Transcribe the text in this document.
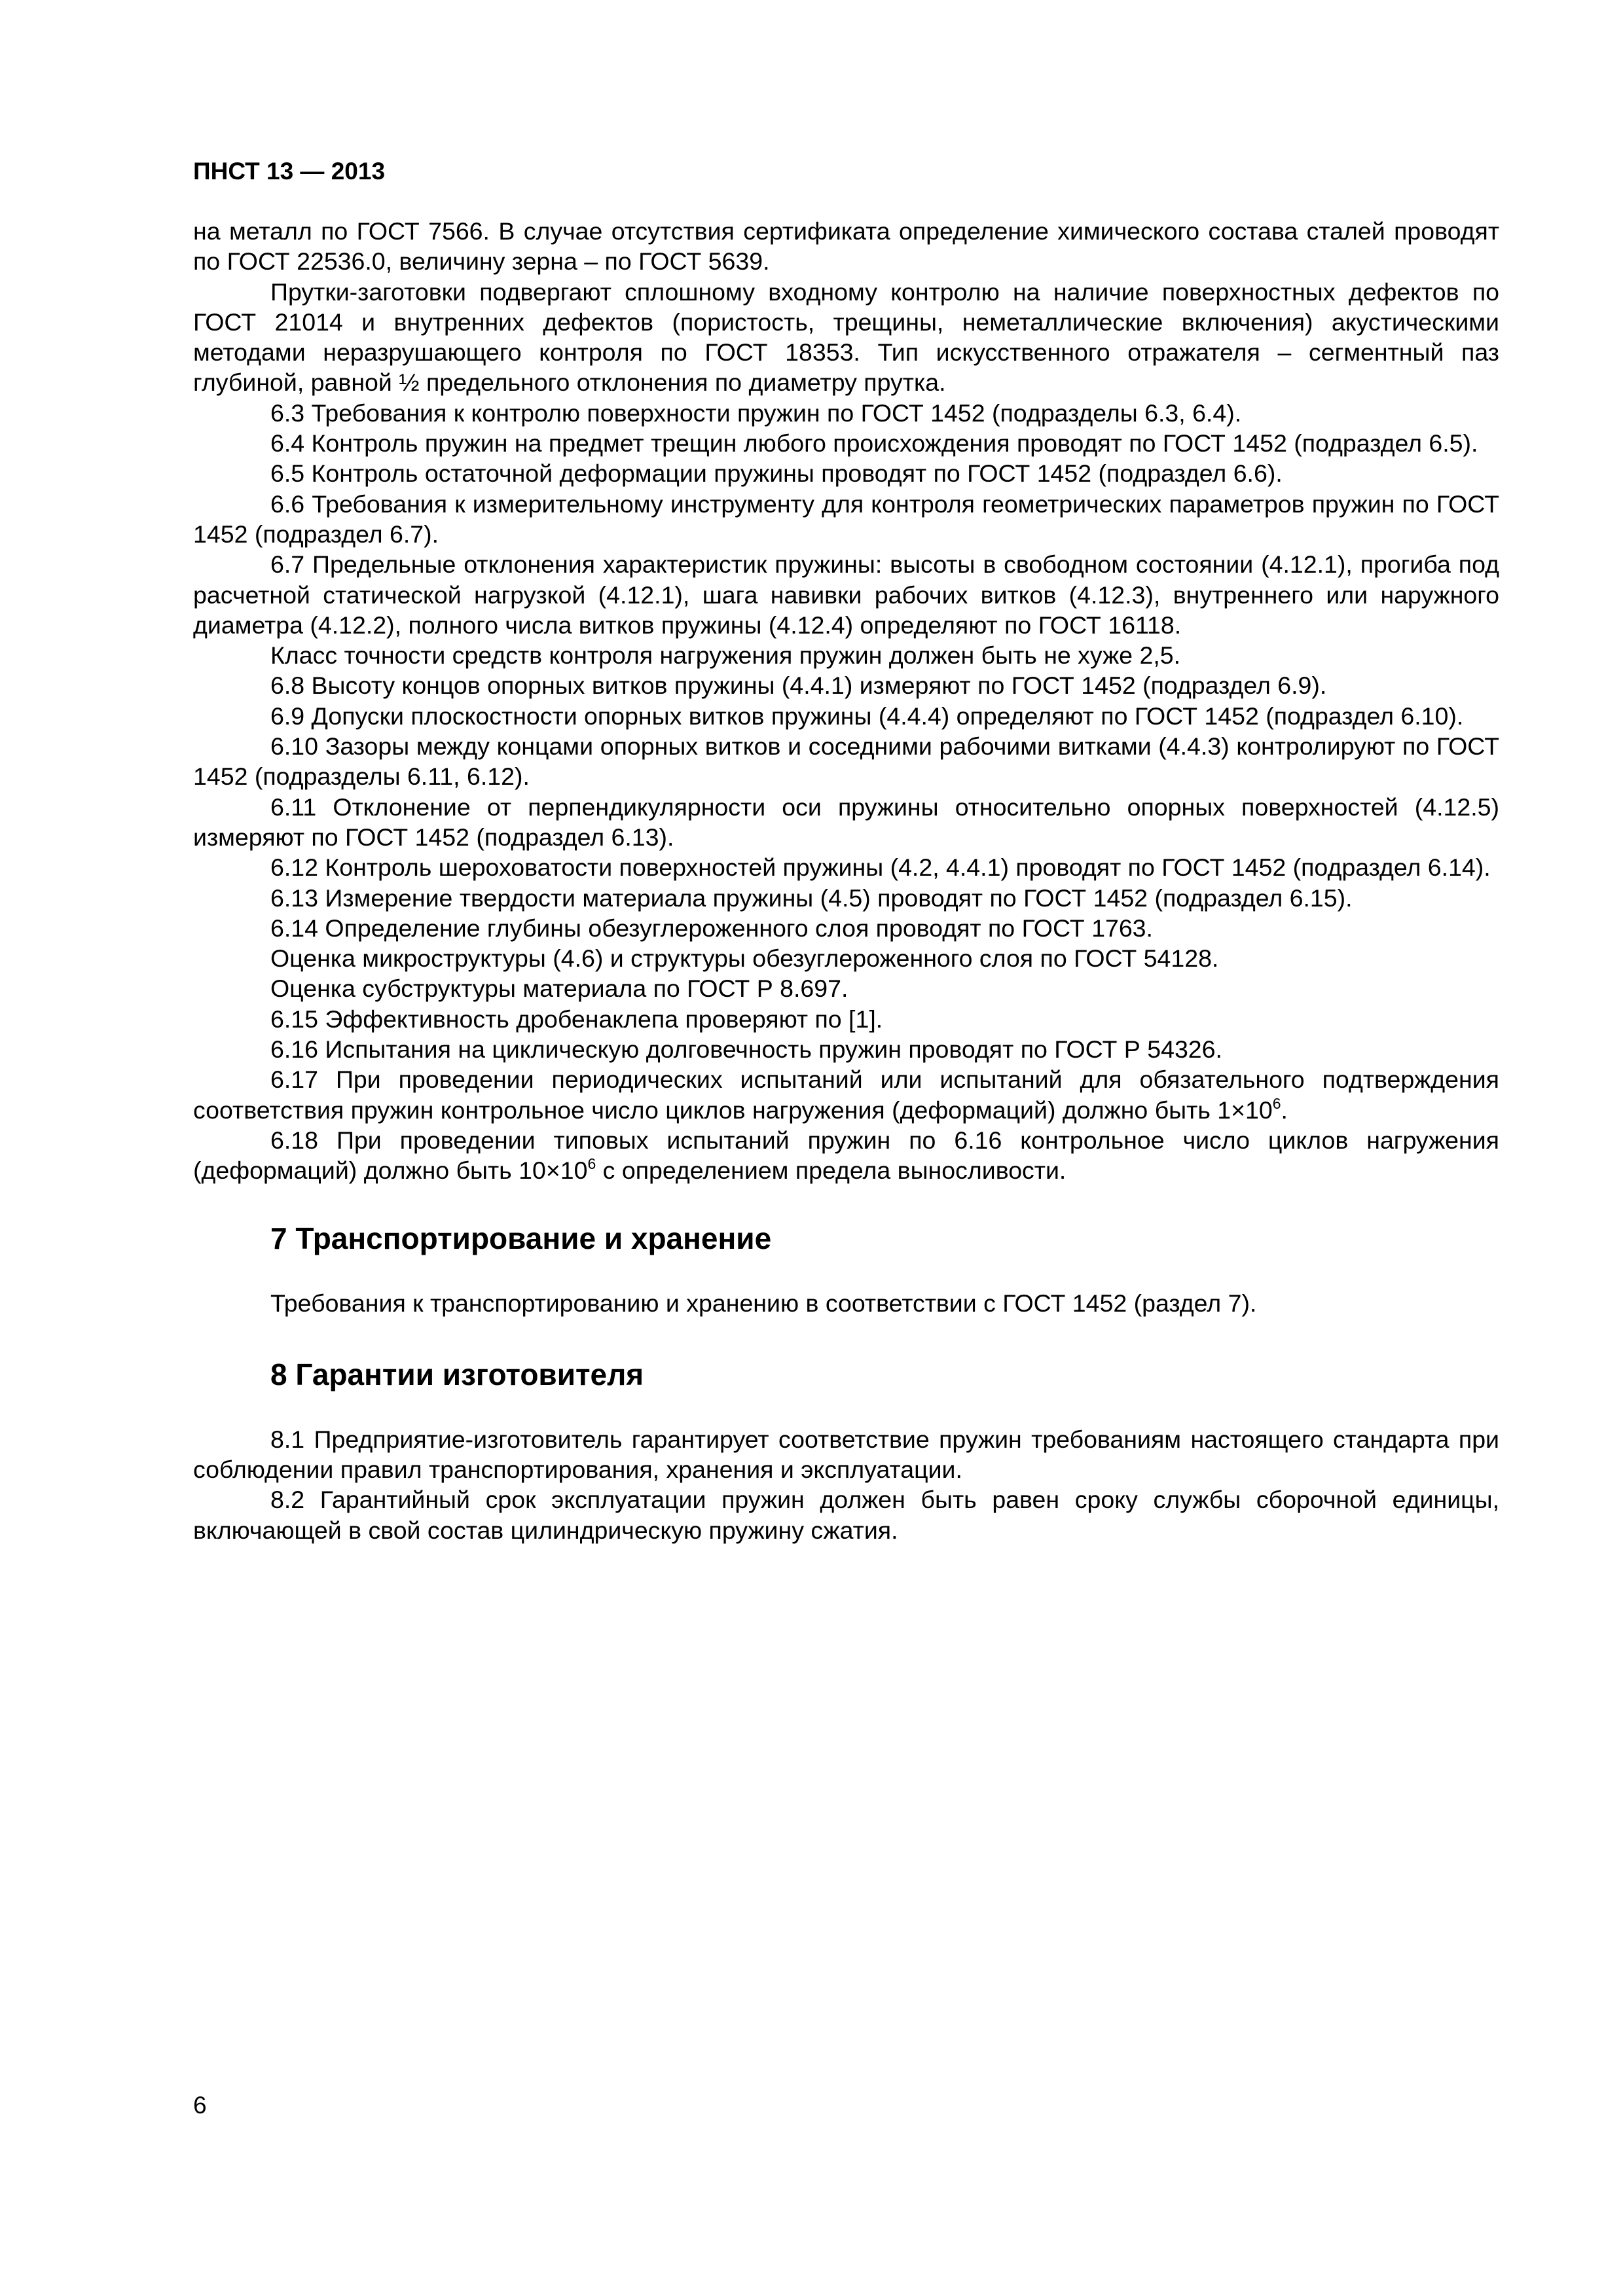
ПНСТ 13 — 2013

на металл по ГОСТ 7566. В случае отсутствия сертификата определение химического состава сталей проводят по ГОСТ 22536.0, величину зерна – по ГОСТ 5639.

Прутки-заготовки подвергают сплошному входному контролю на наличие поверхностных дефектов по ГОСТ 21014 и внутренних дефектов (пористость, трещины, неметаллические включения) акустическими методами неразрушающего контроля по ГОСТ 18353. Тип искусственного отражателя – сегментный паз глубиной, равной ½ предельного отклонения по диаметру прутка.

6.3 Требования к контролю поверхности пружин по ГОСТ 1452 (подразделы 6.3, 6.4).

6.4 Контроль пружин на предмет трещин любого происхождения проводят по ГОСТ 1452 (подраздел 6.5).

6.5 Контроль остаточной деформации пружины проводят по ГОСТ 1452 (подраздел 6.6).

6.6 Требования к измерительному инструменту для контроля геометрических параметров пружин по ГОСТ 1452 (подраздел 6.7).

6.7 Предельные отклонения характеристик пружины: высоты в свободном состоянии (4.12.1), прогиба под расчетной статической нагрузкой (4.12.1), шага навивки рабочих витков (4.12.3), внутреннего или наружного диаметра (4.12.2), полного числа витков пружины (4.12.4) определяют по ГОСТ 16118.

Класс точности средств контроля нагружения пружин должен быть не хуже 2,5.

6.8 Высоту концов опорных витков пружины (4.4.1) измеряют по ГОСТ 1452 (подраздел 6.9).

6.9 Допуски плоскостности опорных витков пружины (4.4.4) определяют по ГОСТ 1452 (подраздел 6.10).

6.10 Зазоры между концами опорных витков и соседними рабочими витками (4.4.3) контролируют по ГОСТ 1452 (подразделы 6.11, 6.12).

6.11 Отклонение от перпендикулярности оси пружины относительно опорных поверхностей (4.12.5) измеряют по ГОСТ 1452 (подраздел 6.13).

6.12 Контроль шероховатости поверхностей пружины (4.2, 4.4.1) проводят по ГОСТ 1452 (подраздел 6.14).

6.13 Измерение твердости материала пружины (4.5) проводят по ГОСТ 1452 (подраздел 6.15).

6.14 Определение глубины обезуглероженного слоя проводят по ГОСТ 1763.

Оценка микроструктуры (4.6) и структуры обезуглероженного слоя по ГОСТ 54128.

Оценка субструктуры материала по ГОСТ Р 8.697.

6.15 Эффективность дробенаклепа проверяют по [1].

6.16 Испытания на циклическую долговечность пружин проводят по ГОСТ Р 54326.

6.17 При проведении периодических испытаний или испытаний для обязательного подтверждения соответствия пружин контрольное число циклов нагружения (деформаций) должно быть $1\times 10^6$.

6.18 При проведении типовых испытаний пружин по 6.16 контрольное число циклов нагружения (деформаций) должно быть $10\times 10^6$ с определением предела выносливости.

7 Транспортирование и хранение

Требования к транспортированию и хранению в соответствии с ГОСТ 1452 (раздел 7).

8 Гарантии изготовителя

8.1 Предприятие-изготовитель гарантирует соответствие пружин требованиям настоящего стандарта при соблюдении правил транспортирования, хранения и эксплуатации.

8.2 Гарантийный срок эксплуатации пружин должен быть равен сроку службы сборочной единицы, включающей в свой состав цилиндрическую пружину сжатия.

6
